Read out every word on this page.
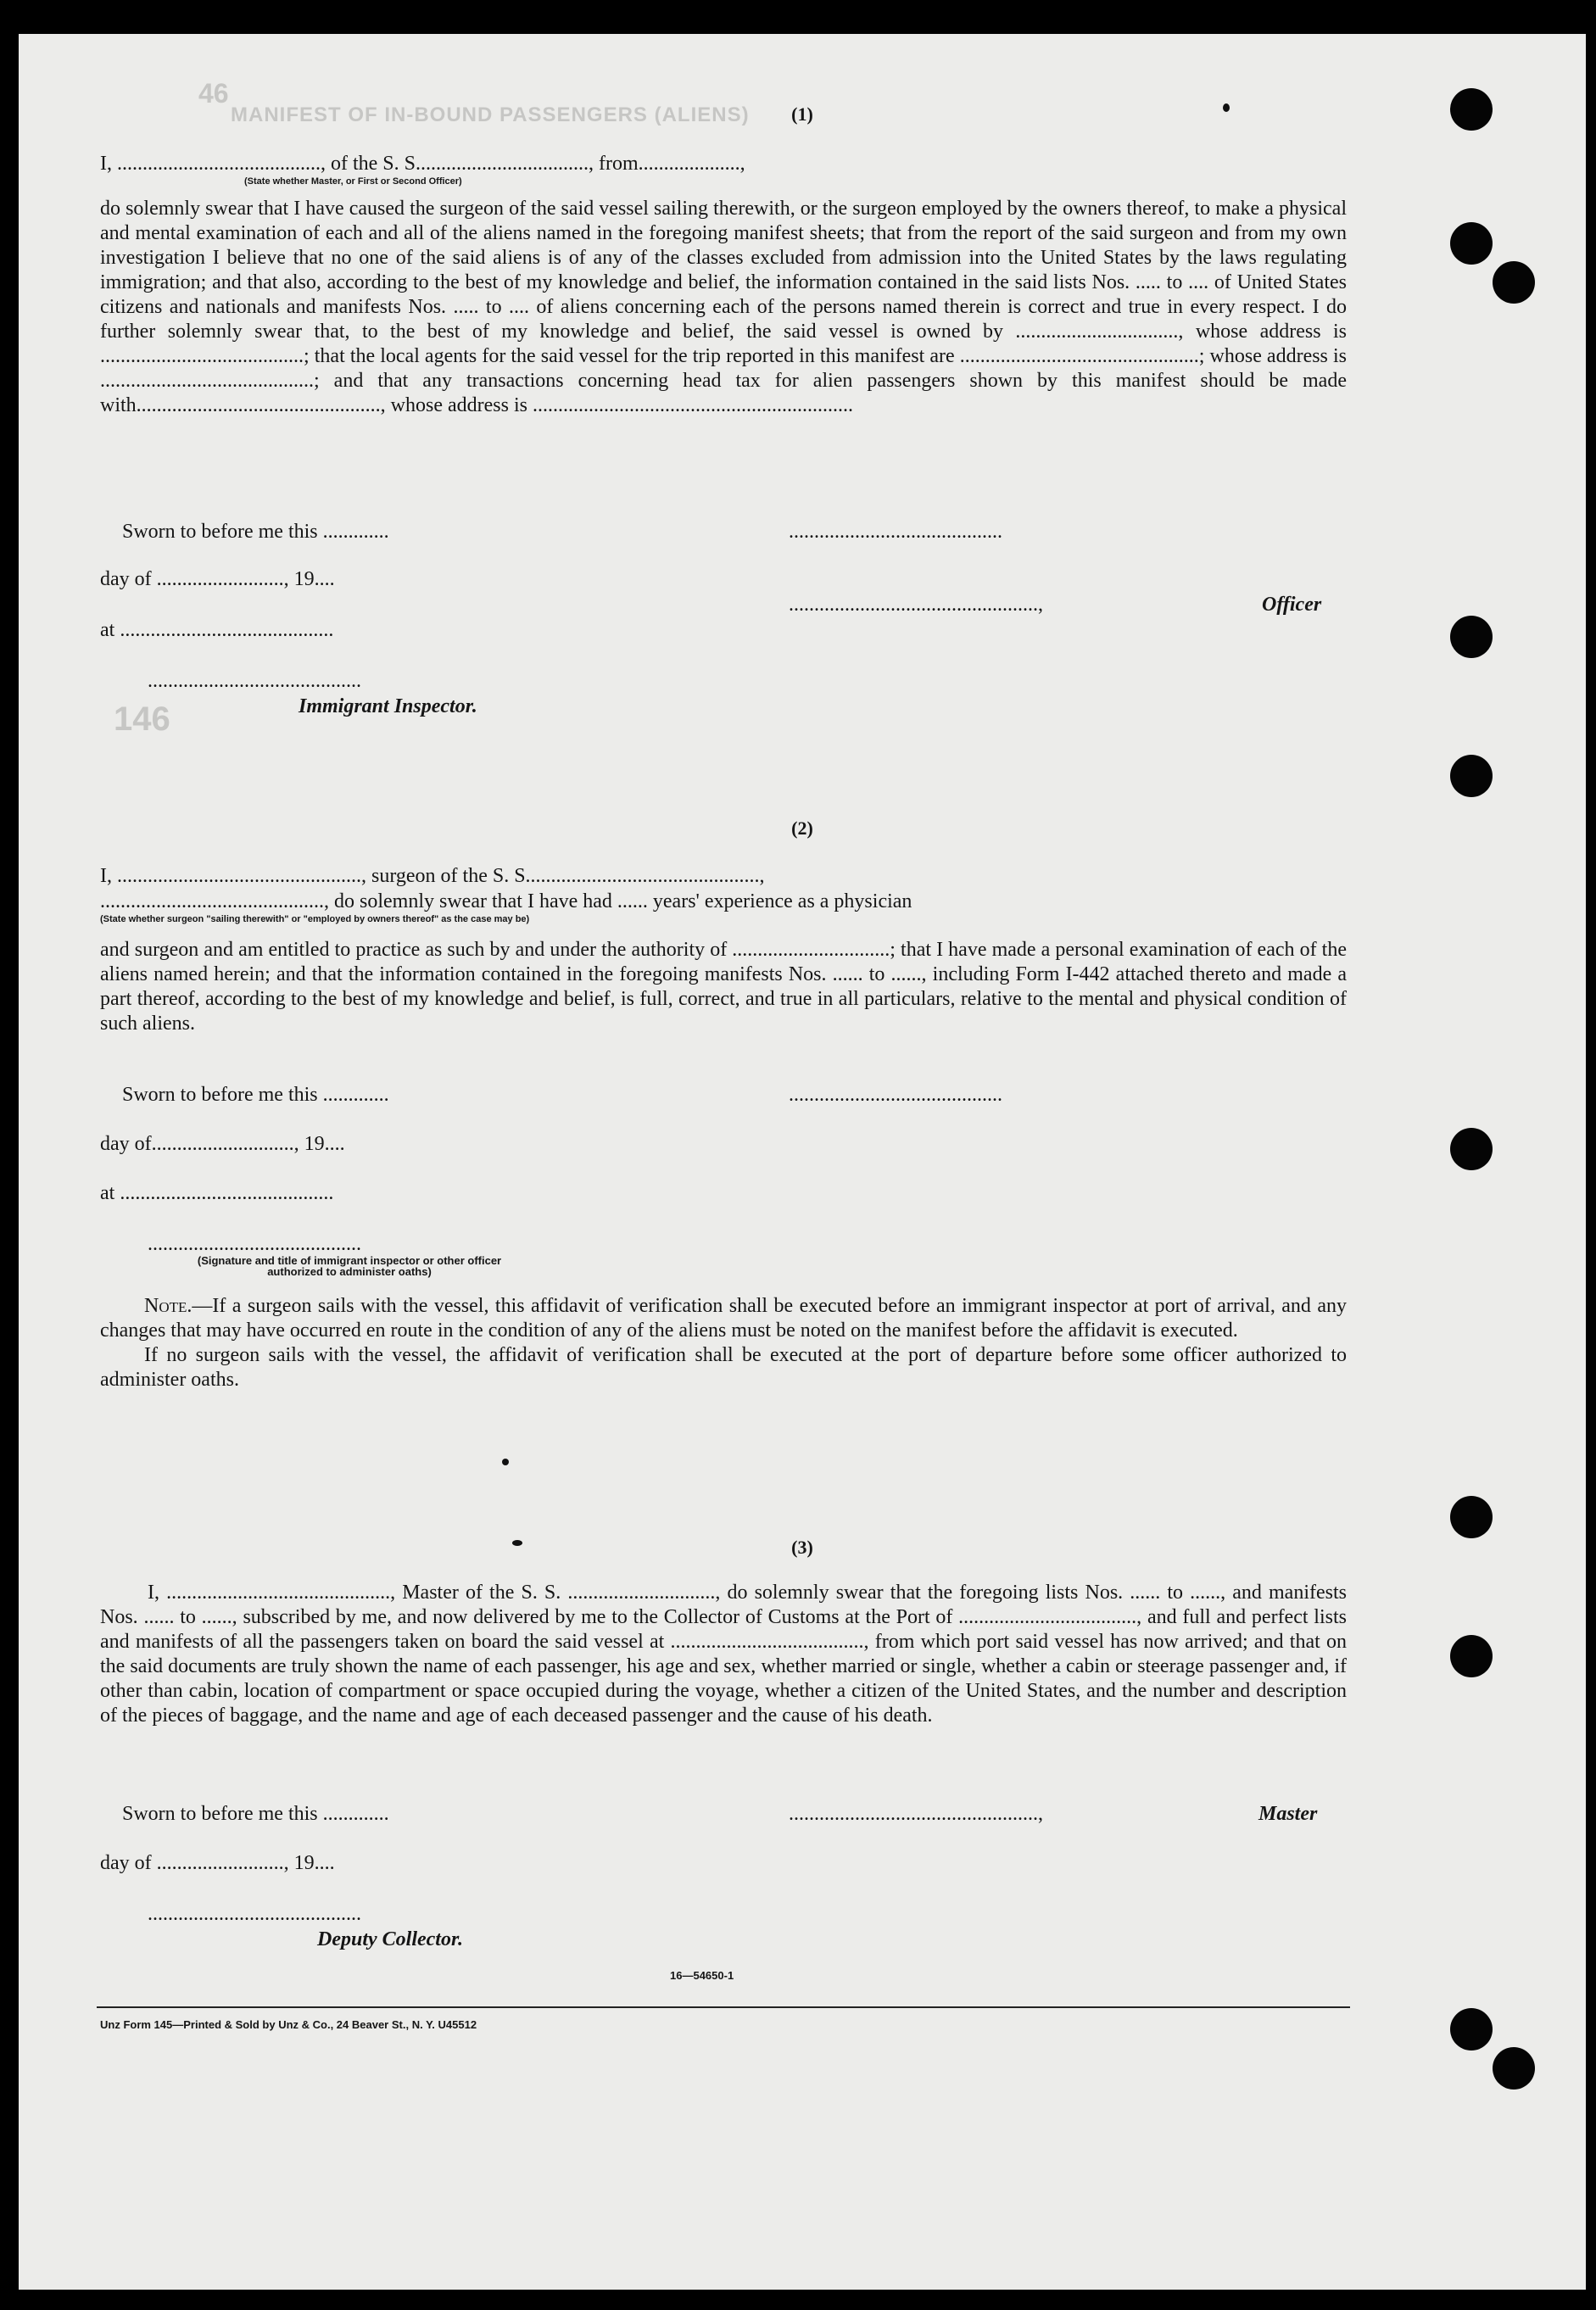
MANIFEST OF IN-BOUND PASSENGERS (ALIENS)
146
46
(1)
I, ........................................, of the S. S.................................., from....................,
(State whether Master, or First or Second Officer)

do solemnly swear that I have caused the surgeon of the said vessel sailing therewith, or the surgeon employed by the owners thereof, to make a physical and mental examination of each and all of the aliens named in the foregoing manifest sheets; that from the report of the said surgeon and from my own investigation I believe that no one of the said aliens is of any of the classes excluded from admission into the United States by the laws regulating immigration; and that also, according to the best of my knowledge and belief, the information contained in the said lists Nos. ..... to .... of United States citizens and nationals and manifests Nos. ..... to .... of aliens concerning each of the persons named therein is correct and true in every respect. I do further solemnly swear that, to the best of my knowledge and belief, the said vessel is owned by ................................, whose address is ........................................; that the local agents for the said vessel for the trip reported in this manifest are ...............................................; whose address is ..........................................; and that any transactions concerning head tax for alien passengers shown by this manifest should be made with................................................, whose address is ...............................................................

Sworn to before me this .............	..........................................
day of ........................., 19....
.................................................,	Officer
at ..........................................
..........................................
Immigrant Inspector.
(2)
I, ................................................, surgeon of the S. S..............................................,
............................................, do solemnly swear that I have had ...... years' experience as a physician
(State whether surgeon "sailing therewith" or "employed by owners thereof" as the case may be)

and surgeon and am entitled to practice as such by and under the authority of ...............................; that I have made a personal examination of each of the aliens named herein; and that the information contained in the foregoing manifests Nos. ...... to ......, including Form I-442 attached thereto and made a part thereof, according to the best of my knowledge and belief, is full, correct, and true in all particulars, relative to the mental and physical condition of such aliens.

Sworn to before me this .............	..........................................
day of............................, 19....
at ..........................................
..........................................
(Signature and title of immigrant inspector or other officer authorized to administer oaths)

Note.—If a surgeon sails with the vessel, this affidavit of verification shall be executed before an immigrant inspector at port of arrival, and any changes that may have occurred en route in the condition of any of the aliens must be noted on the manifest before the affidavit is executed.

If no surgeon sails with the vessel, the affidavit of verification shall be executed at the port of departure before some officer authorized to administer oaths.

(3)

I, ............................................, Master of the S. S. ............................., do solemnly swear that the foregoing lists Nos. ...... to ......, and manifests Nos. ...... to ......, subscribed by me, and now delivered by me to the Collector of Customs at the Port of ..................................., and full and perfect lists and manifests of all the passengers taken on board the said vessel at ......................................, from which port said vessel has now arrived; and that on the said documents are truly shown the name of each passenger, his age and sex, whether married or single, whether a cabin or steerage passenger and, if other than cabin, location of compartment or space occupied during the voyage, whether a citizen of the United States, and the number and description of the pieces of baggage, and the name and age of each deceased passenger and the cause of his death.

Sworn to before me this .............	.................................................,	Master
day of ........................., 19....
..........................................
Deputy Collector.
16—54650-1
Unz Form 145—Printed & Sold by Unz & Co., 24 Beaver St., N. Y. U45512
